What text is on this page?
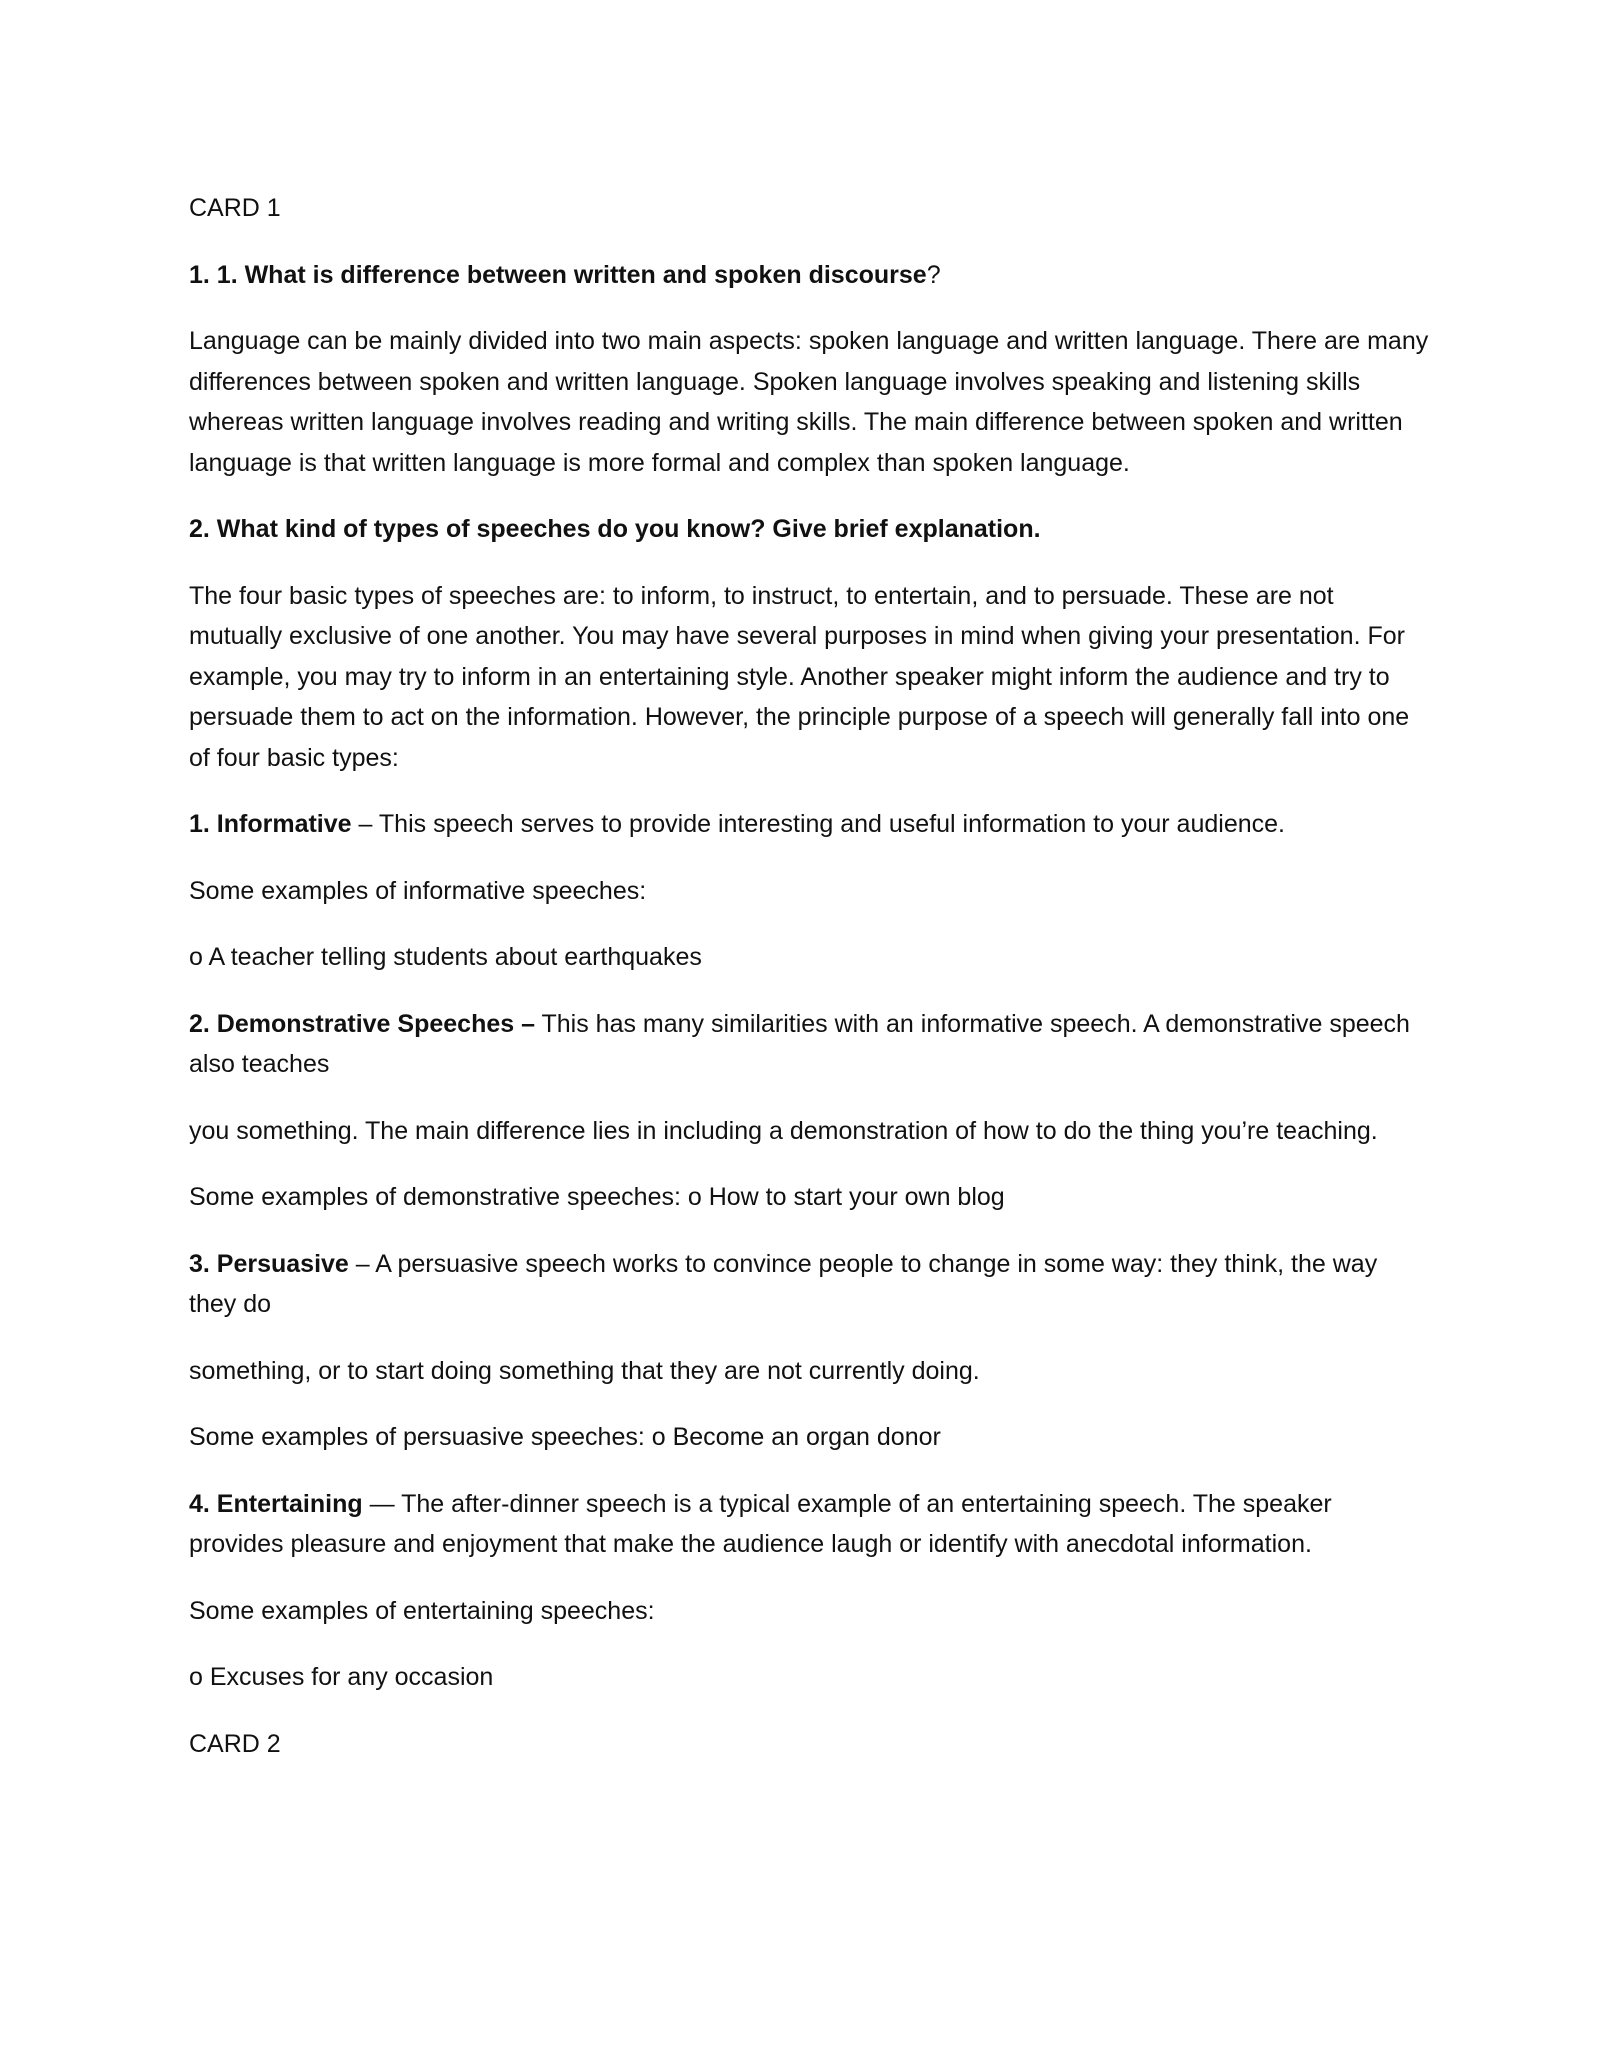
CARD 1

1. 1. What is difference between written and spoken discourse?

Language can be mainly divided into two main aspects: spoken language and written language. There are many differences between spoken and written language. Spoken language involves speaking and listening skills whereas written language involves reading and writing skills. The main difference between spoken and written language is that written language is more formal and complex than spoken language.

2. What kind of types of speeches do you know? Give brief explanation.

The four basic types of speeches are: to inform, to instruct, to entertain, and to persuade. These are not mutually exclusive of one another. You may have several purposes in mind when giving your presentation. For example, you may try to inform in an entertaining style. Another speaker might inform the audience and try to persuade them to act on the information. However, the principle purpose of a speech will generally fall into one of four basic types:

1. Informative – This speech serves to provide interesting and useful information to your audience.

Some examples of informative speeches:

o A teacher telling students about earthquakes

2. Demonstrative Speeches – This has many similarities with an informative speech. A demonstrative speech also teaches

you something. The main difference lies in including a demonstration of how to do the thing you’re teaching.

Some examples of demonstrative speeches: o How to start your own blog

3. Persuasive – A persuasive speech works to convince people to change in some way: they think, the way they do

something, or to start doing something that they are not currently doing.

Some examples of persuasive speeches: o Become an organ donor

4. Entertaining — The after-dinner speech is a typical example of an entertaining speech. The speaker provides pleasure and enjoyment that make the audience laugh or identify with anecdotal information.

Some examples of entertaining speeches:

o Excuses for any occasion

CARD 2
